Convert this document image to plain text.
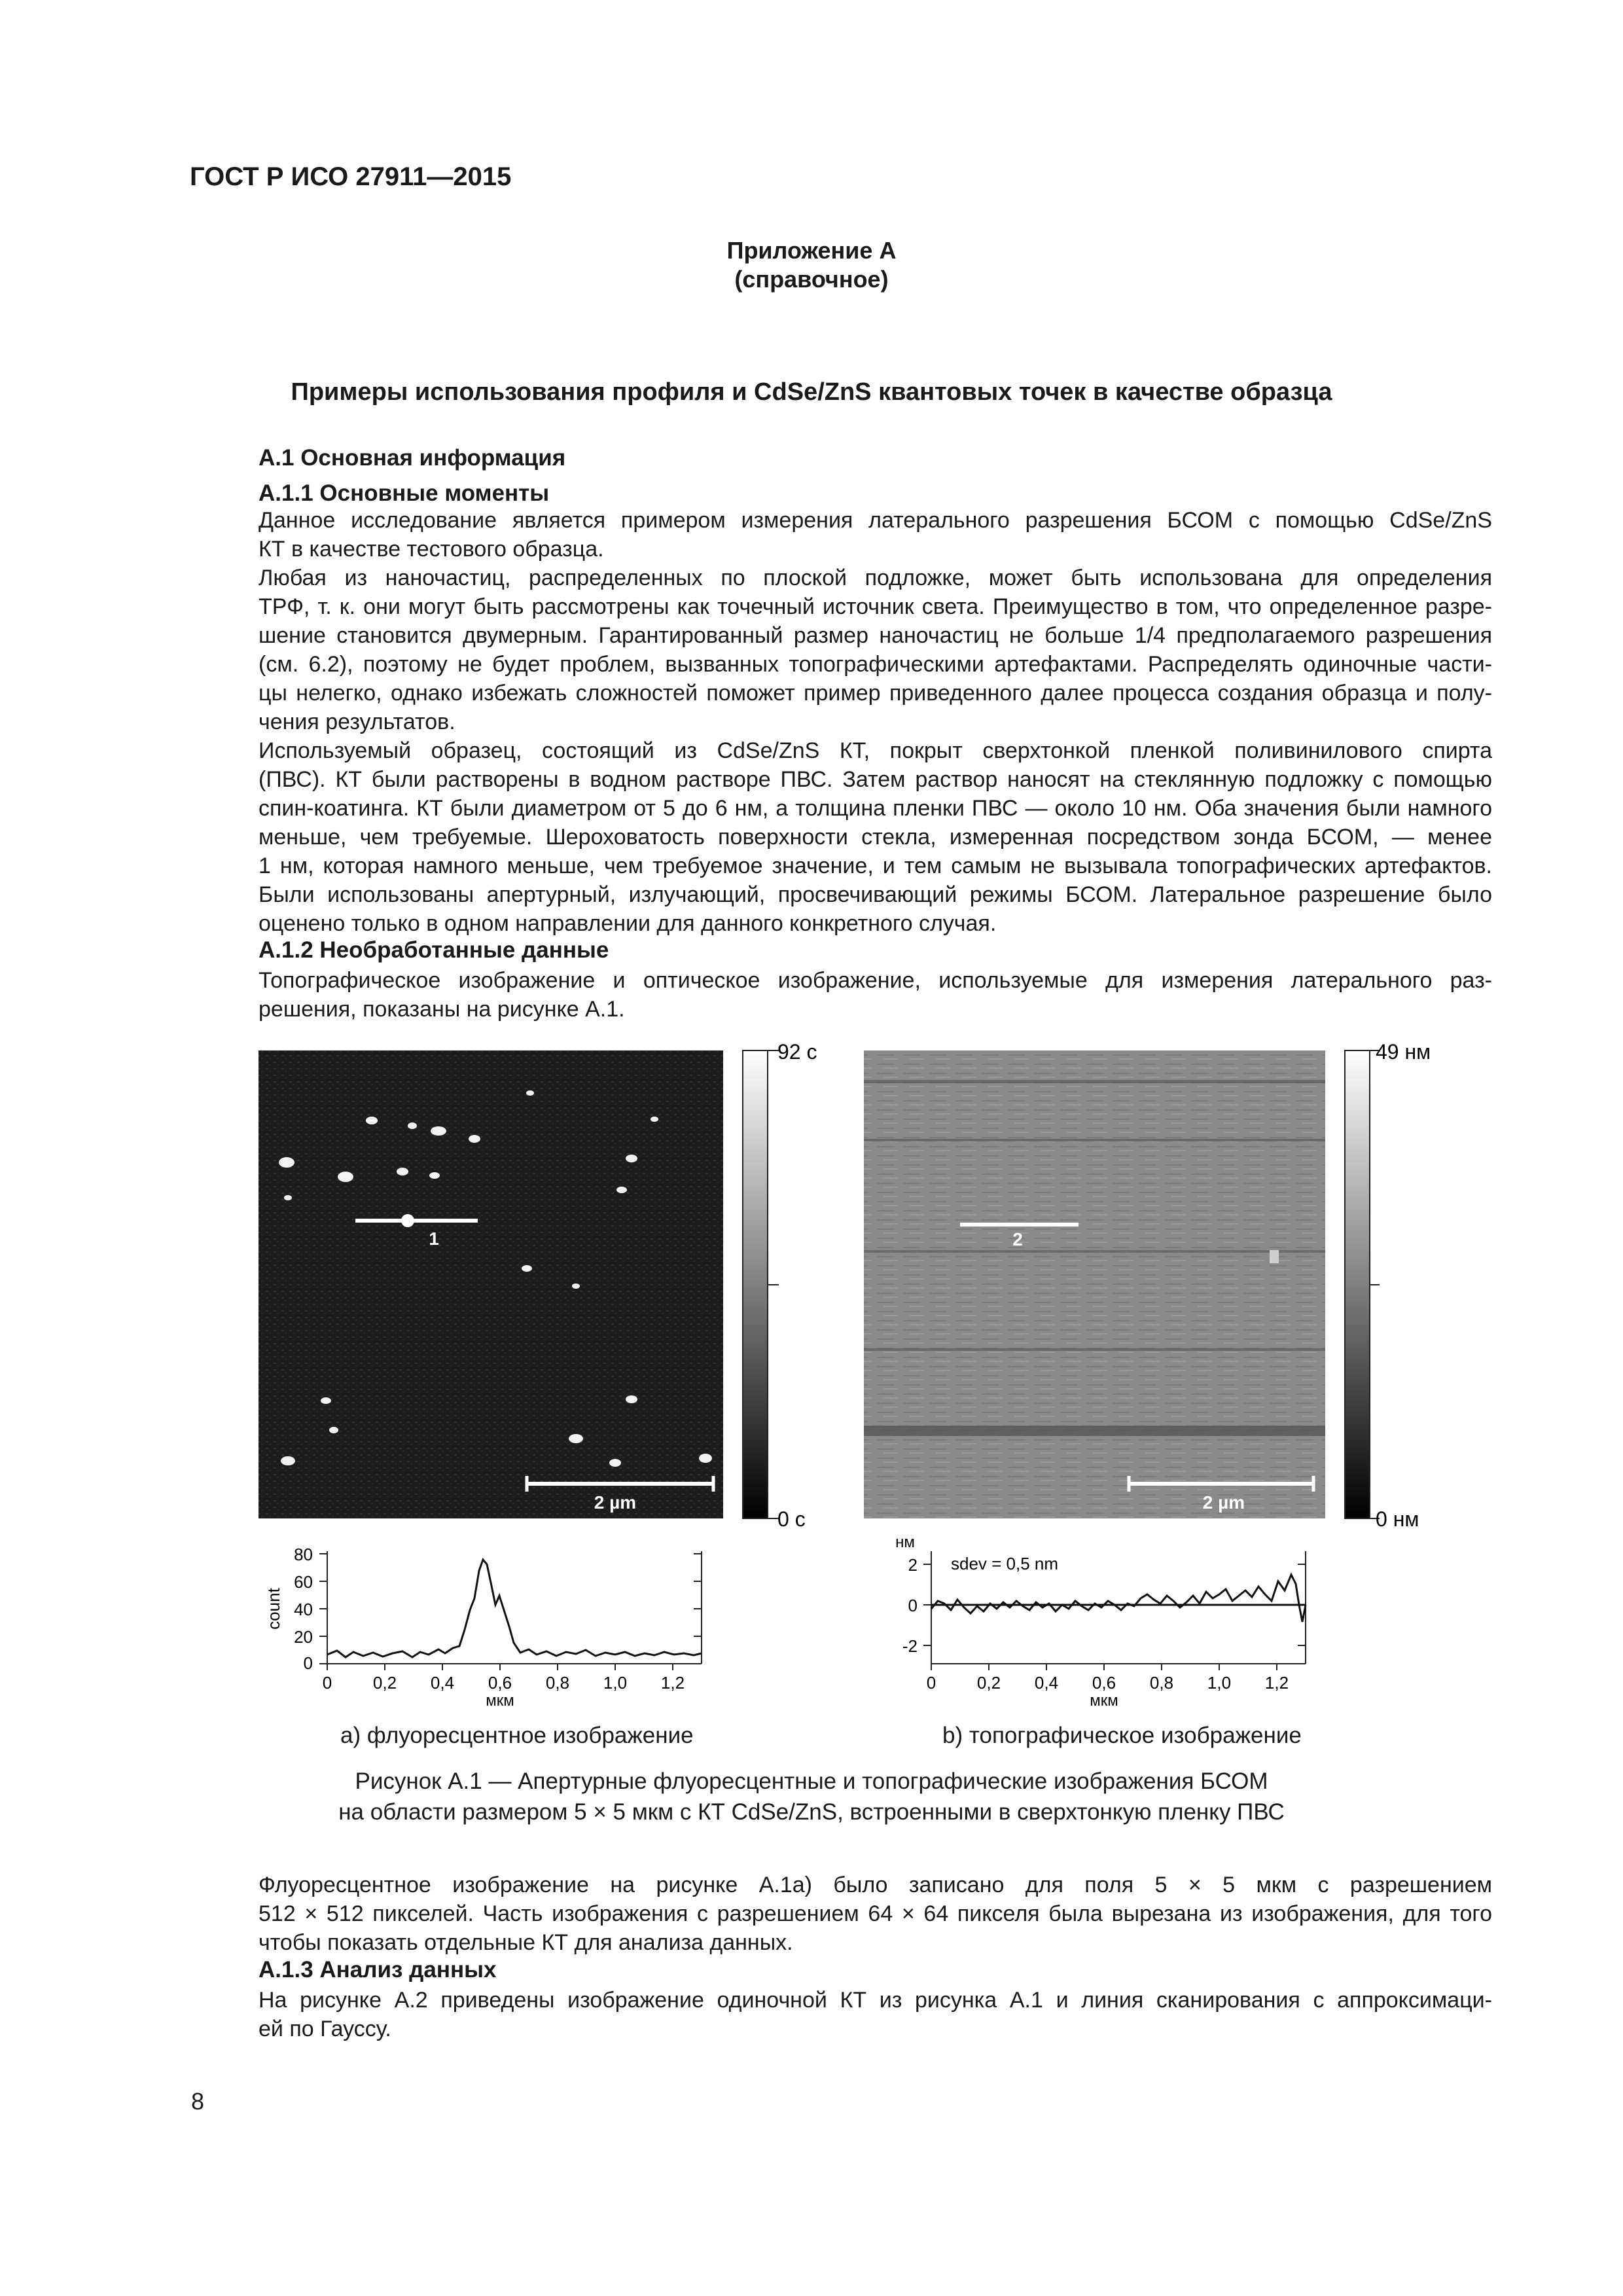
ГОСТ Р ИСО 27911—2015
Приложение А
(справочное)
Примеры использования профиля и CdSe/ZnS квантовых точек в качестве образца
А.1 Основная информация
А.1.1 Основные моменты
Данное исследование является примером измерения латерального разрешения БСОМ с помощью CdSe/ZnS
КТ в качестве тестового образца.
Любая из наночастиц, распределенных по плоской подложке, может быть использована для определения
ТРФ, т. к. они могут быть рассмотрены как точечный источник света. Преимущество в том, что определенное разре-
шение становится двумерным. Гарантированный размер наночастиц не больше 1/4 предполагаемого разрешения
(см. 6.2), поэтому не будет проблем, вызванных топографическими артефактами. Распределять одиночные части-
цы нелегко, однако избежать сложностей поможет пример приведенного далее процесса создания образца и полу-
чения результатов.
Используемый образец, состоящий из CdSe/ZnS КТ, покрыт сверхтонкой пленкой поливинилового спирта
(ПВС). КТ были растворены в водном растворе ПВС. Затем раствор наносят на стеклянную подложку с помощью
спин-коатинга. КТ были диаметром от 5 до 6 нм, а толщина пленки ПВС — около 10 нм. Оба значения были намного
меньше, чем требуемые. Шероховатость поверхности стекла, измеренная посредством зонда БСОМ, — менее
1 нм, которая намного меньше, чем требуемое значение, и тем самым не вызывала топографических артефактов.
Были использованы апертурный, излучающий, просвечивающий режимы БСОМ. Латеральное разрешение было
оценено только в одном направлении для данного конкретного случая.
А.1.2 Необработанные данные
Топографическое изображение и оптическое изображение, используемые для измерения латерального раз-
решения, показаны на рисунке А.1.
1
2 µm
92 с
0 с
2
2 µm
49 нм
0 нм
80
60
40
20
0
count
0 0,2 0,4 0,6 0,8 1,0 1,2
мкм
нм
2
0
-2
sdev = 0,5 nm
0 0,2 0,4 0,6 0,8 1,0 1,2
мкм
a) флуоресцентное изображение	b) топографическое изображение
Рисунок А.1 — Апертурные флуоресцентные и топографические изображения БСОМ
на области размером 5 × 5 мкм с КТ CdSe/ZnS, встроенными в сверхтонкую пленку ПВС
Флуоресцентное изображение на рисунке А.1а) было записано для поля 5 × 5 мкм с разрешением
512 × 512 пикселей. Часть изображения с разрешением 64 × 64 пикселя была вырезана из изображения, для того
чтобы показать отдельные КТ для анализа данных.
А.1.3 Анализ данных
На рисунке А.2 приведены изображение одиночной КТ из рисунка А.1 и линия сканирования с аппроксимаци-
ей по Гауссу.
8
